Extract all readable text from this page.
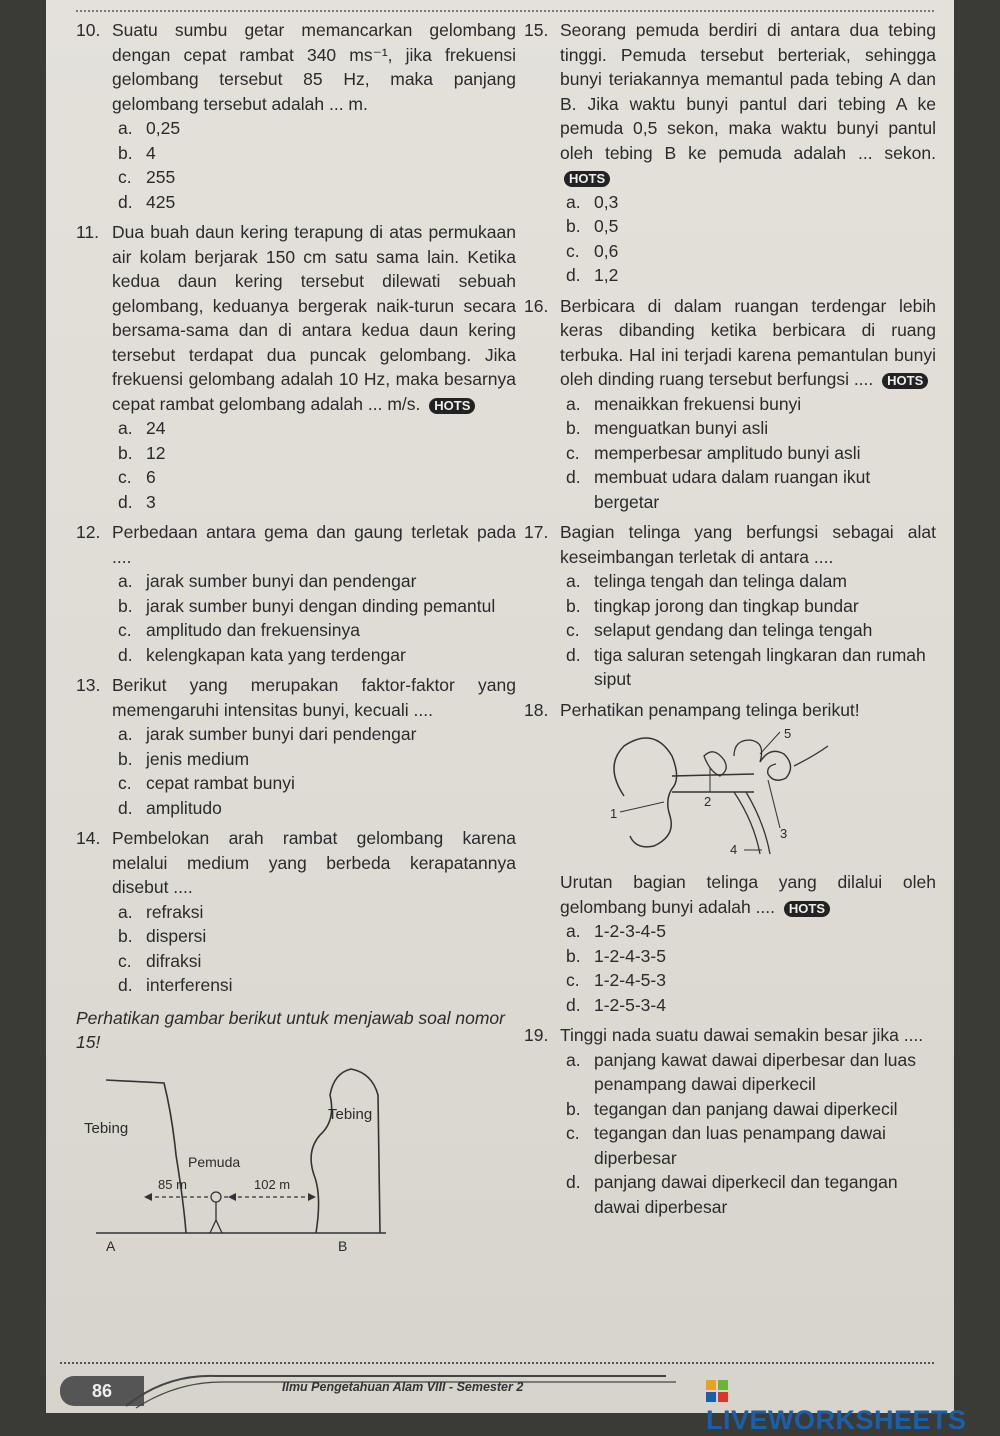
10. Suatu sumbu getar memancarkan gelombang dengan cepat rambat 340 ms⁻¹, jika frekuensi gelombang tersebut 85 Hz, maka panjang gelombang tersebut adalah ... m.
a. 0,25
b. 4
c. 255
d. 425
11. Dua buah daun kering terapung di atas permukaan air kolam berjarak 150 cm satu sama lain. Ketika kedua daun kering tersebut dilewati sebuah gelombang, keduanya bergerak naik-turun secara bersama-sama dan di antara kedua daun kering tersebut terdapat dua puncak gelombang. Jika frekuensi gelombang adalah 10 Hz, maka besarnya cepat rambat gelombang adalah ... m/s. HOTS
a. 24
b. 12
c. 6
d. 3
12. Perbedaan antara gema dan gaung terletak pada ....
a. jarak sumber bunyi dan pendengar
b. jarak sumber bunyi dengan dinding pemantul
c. amplitudo dan frekuensinya
d. kelengkapan kata yang terdengar
13. Berikut yang merupakan faktor-faktor yang memengaruhi intensitas bunyi, kecuali ....
a. jarak sumber bunyi dari pendengar
b. jenis medium
c. cepat rambat bunyi
d. amplitudo
14. Pembelokan arah rambat gelombang karena melalui medium yang berbeda kerapatannya disebut ....
a. refraksi
b. dispersi
c. difraksi
d. interferensi
Perhatikan gambar berikut untuk menjawab soal nomor 15!
Tebing
Tebing
Pemuda
85 m	102 m
A	B
15. Seorang pemuda berdiri di antara dua tebing tinggi. Pemuda tersebut berteriak, sehingga bunyi teriakannya memantul pada tebing A dan B. Jika waktu bunyi pantul dari tebing A ke pemuda 0,5 sekon, maka waktu bunyi pantul oleh tebing B ke pemuda adalah ... sekon. HOTS
a. 0,3
b. 0,5
c. 0,6
d. 1,2
16. Berbicara di dalam ruangan terdengar lebih keras dibanding ketika berbicara di ruang terbuka. Hal ini terjadi karena pemantulan bunyi oleh dinding ruang tersebut berfungsi .... HOTS
a. menaikkan frekuensi bunyi
b. menguatkan bunyi asli
c. memperbesar amplitudo bunyi asli
d. membuat udara dalam ruangan ikut bergetar
17. Bagian telinga yang berfungsi sebagai alat keseimbangan terletak di antara ....
a. telinga tengah dan telinga dalam
b. tingkap jorong dan tingkap bundar
c. selaput gendang dan telinga tengah
d. tiga saluran setengah lingkaran dan rumah siput
18. Perhatikan penampang telinga berikut!
1
2
3
4
5
Urutan bagian telinga yang dilalui oleh gelombang bunyi adalah .... HOTS
a. 1-2-3-4-5
b. 1-2-4-3-5
c. 1-2-4-5-3
d. 1-2-5-3-4
19. Tinggi nada suatu dawai semakin besar jika ....
a. panjang kawat dawai diperbesar dan luas penampang dawai diperkecil
b. tegangan dan panjang dawai diperkecil
c. tegangan dan luas penampang dawai diperbesar
d. panjang dawai diperkecil dan tegangan dawai diperbesar
86	Ilmu Pengetahuan Alam VIII - Semester 2
LIVEWORKSHEETS
